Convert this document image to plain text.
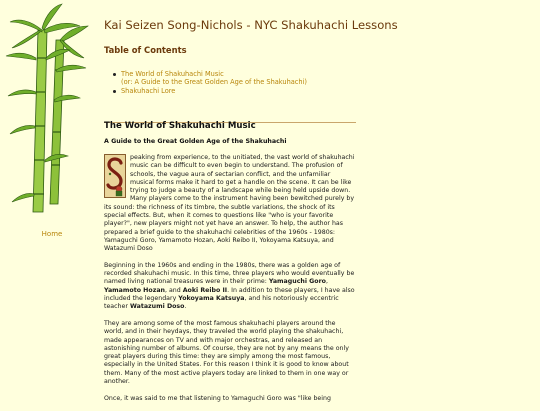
Home
Kai Seizen Song-Nichols - NYC Shakuhachi Lessons
Table of Contents
The World of Shakuhachi Music
(or: A Guide to the Great Golden Age of the Shakuhachi)
Shakuhachi Lore
The World of Shakuhachi Music
A Guide to the Great Golden Age of the Shakuhachi

peaking from experience, to the unitiated, the vast world of shakuhachi music can be difficult to even begin to understand. The profusion of schools, the vague aura of sectarian conflict, and the unfamiliar musical forms make it hard to get a handle on the scene. It can be like trying to judge a beauty of a landscape while being held upside down. Many players come to the instrument having been bewitched purely by its sound: the richness of its timbre, the subtle variations, the shock of its special effects. But, when it comes to questions like "who is your favorite player?", new players might not yet have an answer. To help, the author has prepared a brief guide to the shakuhachi celebrities of the 1960s - 1980s: Yamaguchi Goro, Yamamoto Hozan, Aoki Reibo II, Yokoyama Katsuya, and Watazumi Doso

Beginning in the 1960s and ending in the 1980s, there was a golden age of recorded shakuhachi music. In this time, three players who would eventually be named living national treasures were in their prime: Yamaguchi Goro, Yamamoto Hozan, and Aoki Reibo II. In addition to these players, I have also included the legendary Yokoyama Katsuya, and his notoriously eccentric teacher Watazumi Doso.

They are among some of the most famous shakuhachi players around the world, and in their heydays, they traveled the world playing the shakuhachi, made appearances on TV and with major orchestras, and released an astonishing number of albums. Of course, they are not by any means the only great players during this time: they are simply among the most famous, especially in the United States. For this reason I think it is good to know about them. Many of the most active players today are linked to them in one way or another.

Once, it was said to me that listening to Yamaguchi Goro was "like being
